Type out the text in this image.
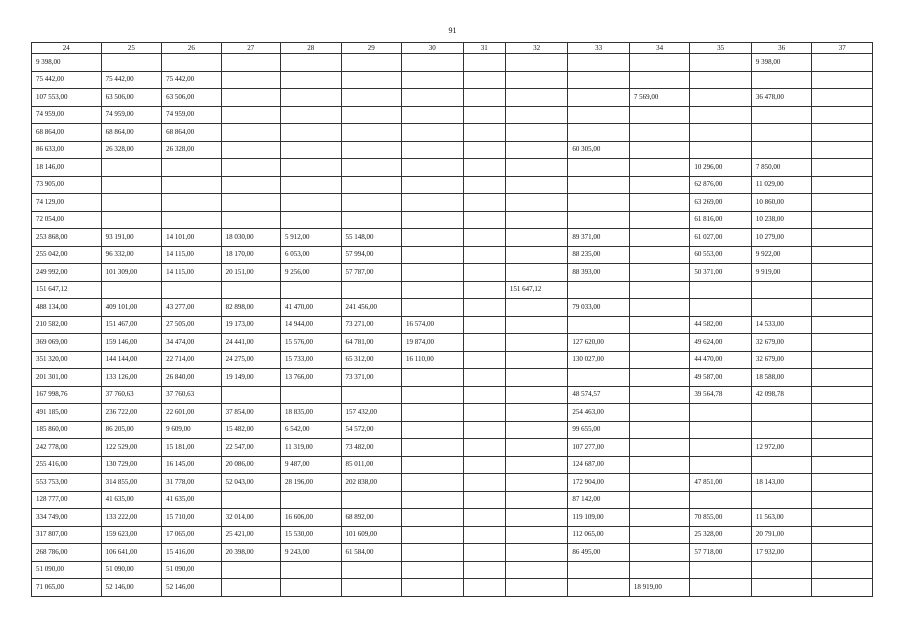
91
24	25	26	27	28	29	30	31	32	33	34	35	36	37
9 398,00												9 398,00	
75 442,00	75 442,00	75 442,00											
107 553,00	63 506,00	63 506,00								7 569,00		36 478,00	
74 959,00	74 959,00	74 959,00											
68 864,00	68 864,00	68 864,00											
86 633,00	26 328,00	26 328,00							60 305,00				
18 146,00											10 296,00	7 850,00	
73 905,00											62 876,00	11 029,00	
74 129,00											63 269,00	10 860,00	
72 054,00											61 816,00	10 238,00	
253 868,00	93 191,00	14 101,00	18 030,00	5 912,00	55 148,00				89 371,00		61 027,00	10 279,00	
255 042,00	96 332,00	14 115,00	18 170,00	6 053,00	57 994,00				88 235,00		60 553,00	9 922,00	
249 992,00	101 309,00	14 115,00	20 151,00	9 256,00	57 787,00				88 393,00		50 371,00	9 919,00	
151 647,12								151 647,12					
488 134,00	409 101,00	43 277,00	82 898,00	41 470,00	241 456,00				79 033,00				
210 582,00	151 467,00	27 505,00	19 173,00	14 944,00	73 271,00	16 574,00					44 582,00	14 533,00	
369 069,00	159 146,00	34 474,00	24 441,00	15 576,00	64 781,00	19 874,00			127 620,00		49 624,00	32 679,00	
351 320,00	144 144,00	22 714,00	24 275,00	15 733,00	65 312,00	16 110,00			130 027,00		44 470,00	32 679,00	
201 301,00	133 126,00	26 840,00	19 149,00	13 766,00	73 371,00						49 587,00	18 588,00	
167 998,76	37 760,63	37 760,63							48 574,57		39 564,78	42 098,78	
491 185,00	236 722,00	22 601,00	37 854,00	18 835,00	157 432,00				254 463,00				
185 860,00	86 205,00	9 609,00	15 482,00	6 542,00	54 572,00				99 655,00				
242 778,00	122 529,00	15 181,00	22 547,00	11 319,00	73 482,00				107 277,00			12 972,00	
255 416,00	130 729,00	16 145,00	20 086,00	9 487,00	85 011,00				124 687,00				
553 753,00	314 855,00	31 778,00	52 043,00	28 196,00	202 838,00				172 904,00		47 851,00	18 143,00	
128 777,00	41 635,00	41 635,00							87 142,00				
334 749,00	133 222,00	15 710,00	32 014,00	16 606,00	68 892,00				119 109,00		70 855,00	11 563,00	
317 807,00	159 623,00	17 065,00	25 421,00	15 530,00	101 609,00				112 065,00		25 328,00	20 791,00	
268 786,00	106 641,00	15 416,00	20 398,00	9 243,00	61 584,00				86 495,00		57 718,00	17 932,00	
51 090,00	51 090,00	51 090,00											
71 065,00	52 146,00	52 146,00								18 919,00			
